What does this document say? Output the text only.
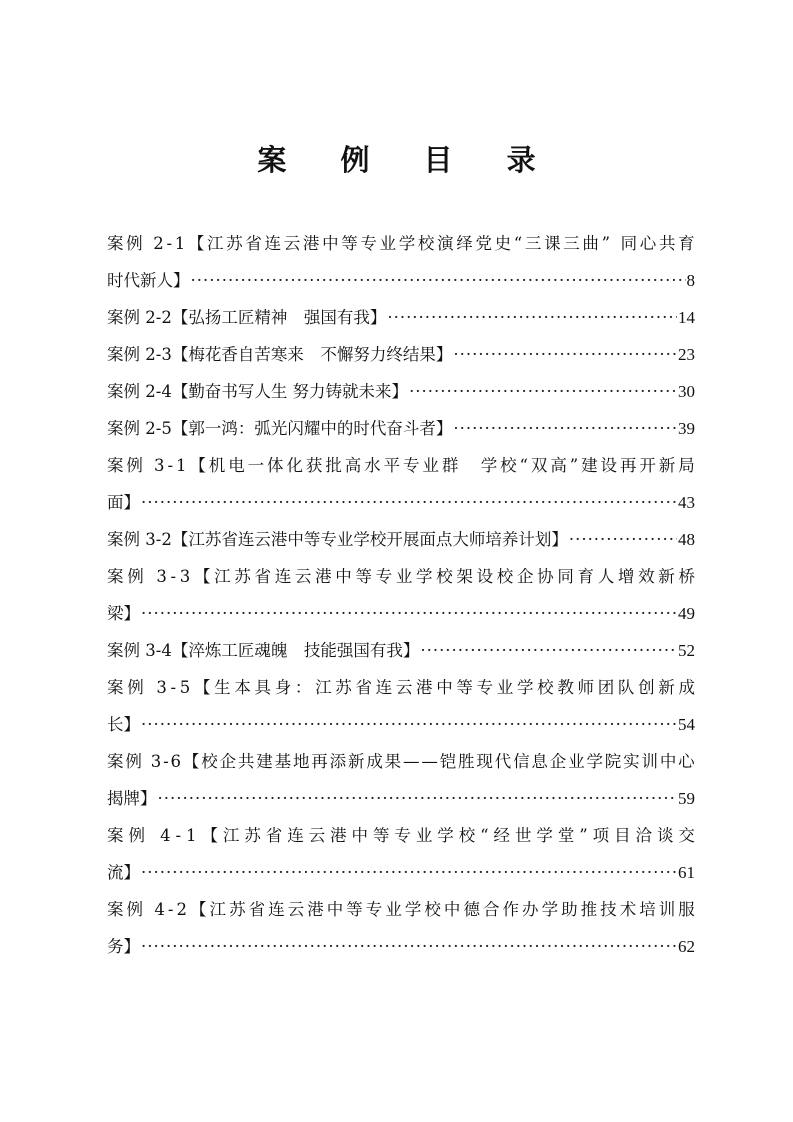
案 例 目 录
案 例
2 - 1 【 江 苏 省 连 云 港 中 等 专 业 学 校 演 绎 党 史 “ 三 课 三 曲 ”
同 心 共 育
时代新人】 ·····	8
案例 2-2【弘扬工匠精神　强国有我】 ·····	14
案例 2-3【梅花香自苦寒来　不懈努力终结果】 ·····	23
案例 2-4【勤奋书写人生 努力铸就未来】 ·····	30
案例 2-5【郭一鸿：弧光闪耀中的时代奋斗者】 ·····	39
案 例
3 - 1 【 机 电 一 体 化 获 批 高 水 平 专 业 群
　 学 校 “ 双 高 ” 建 设 再 开 新 局
面】 ·····	43
案例 3-2【江苏省连云港中等专业学校开展面点大师培养计划】 ·····	48
案 例
3 - 3 【 江 苏 省 连 云 港 中 等 专 业 学 校 架 设 校 企 协 同 育 人 增 效 新 桥
梁】 ·····	49
案例 3-4【淬炼工匠魂魄　技能强国有我】 ·····	52
案 例
3 - 5 【 生 本 具 身 ： 江 苏 省 连 云 港 中 等 专 业 学 校 教 师 团 队 创 新 成
长】 ·····	54
案 例
3 - 6 【 校 企 共 建 基 地 再 添 新 成 果 — — 铠 胜 现 代 信 息 企 业 学 院 实 训 中 心
揭牌】 ·····	59
案 例
4 - 1 【 江 苏 省 连 云 港 中 等 专 业 学 校 “ 经 世 学 堂 ” 项 目 洽 谈 交
流】 ·····	61
案 例
4 - 2 【 江 苏 省 连 云 港 中 等 专 业 学 校 中 德 合 作 办 学 助 推 技 术 培 训 服
务】 ·····	62
